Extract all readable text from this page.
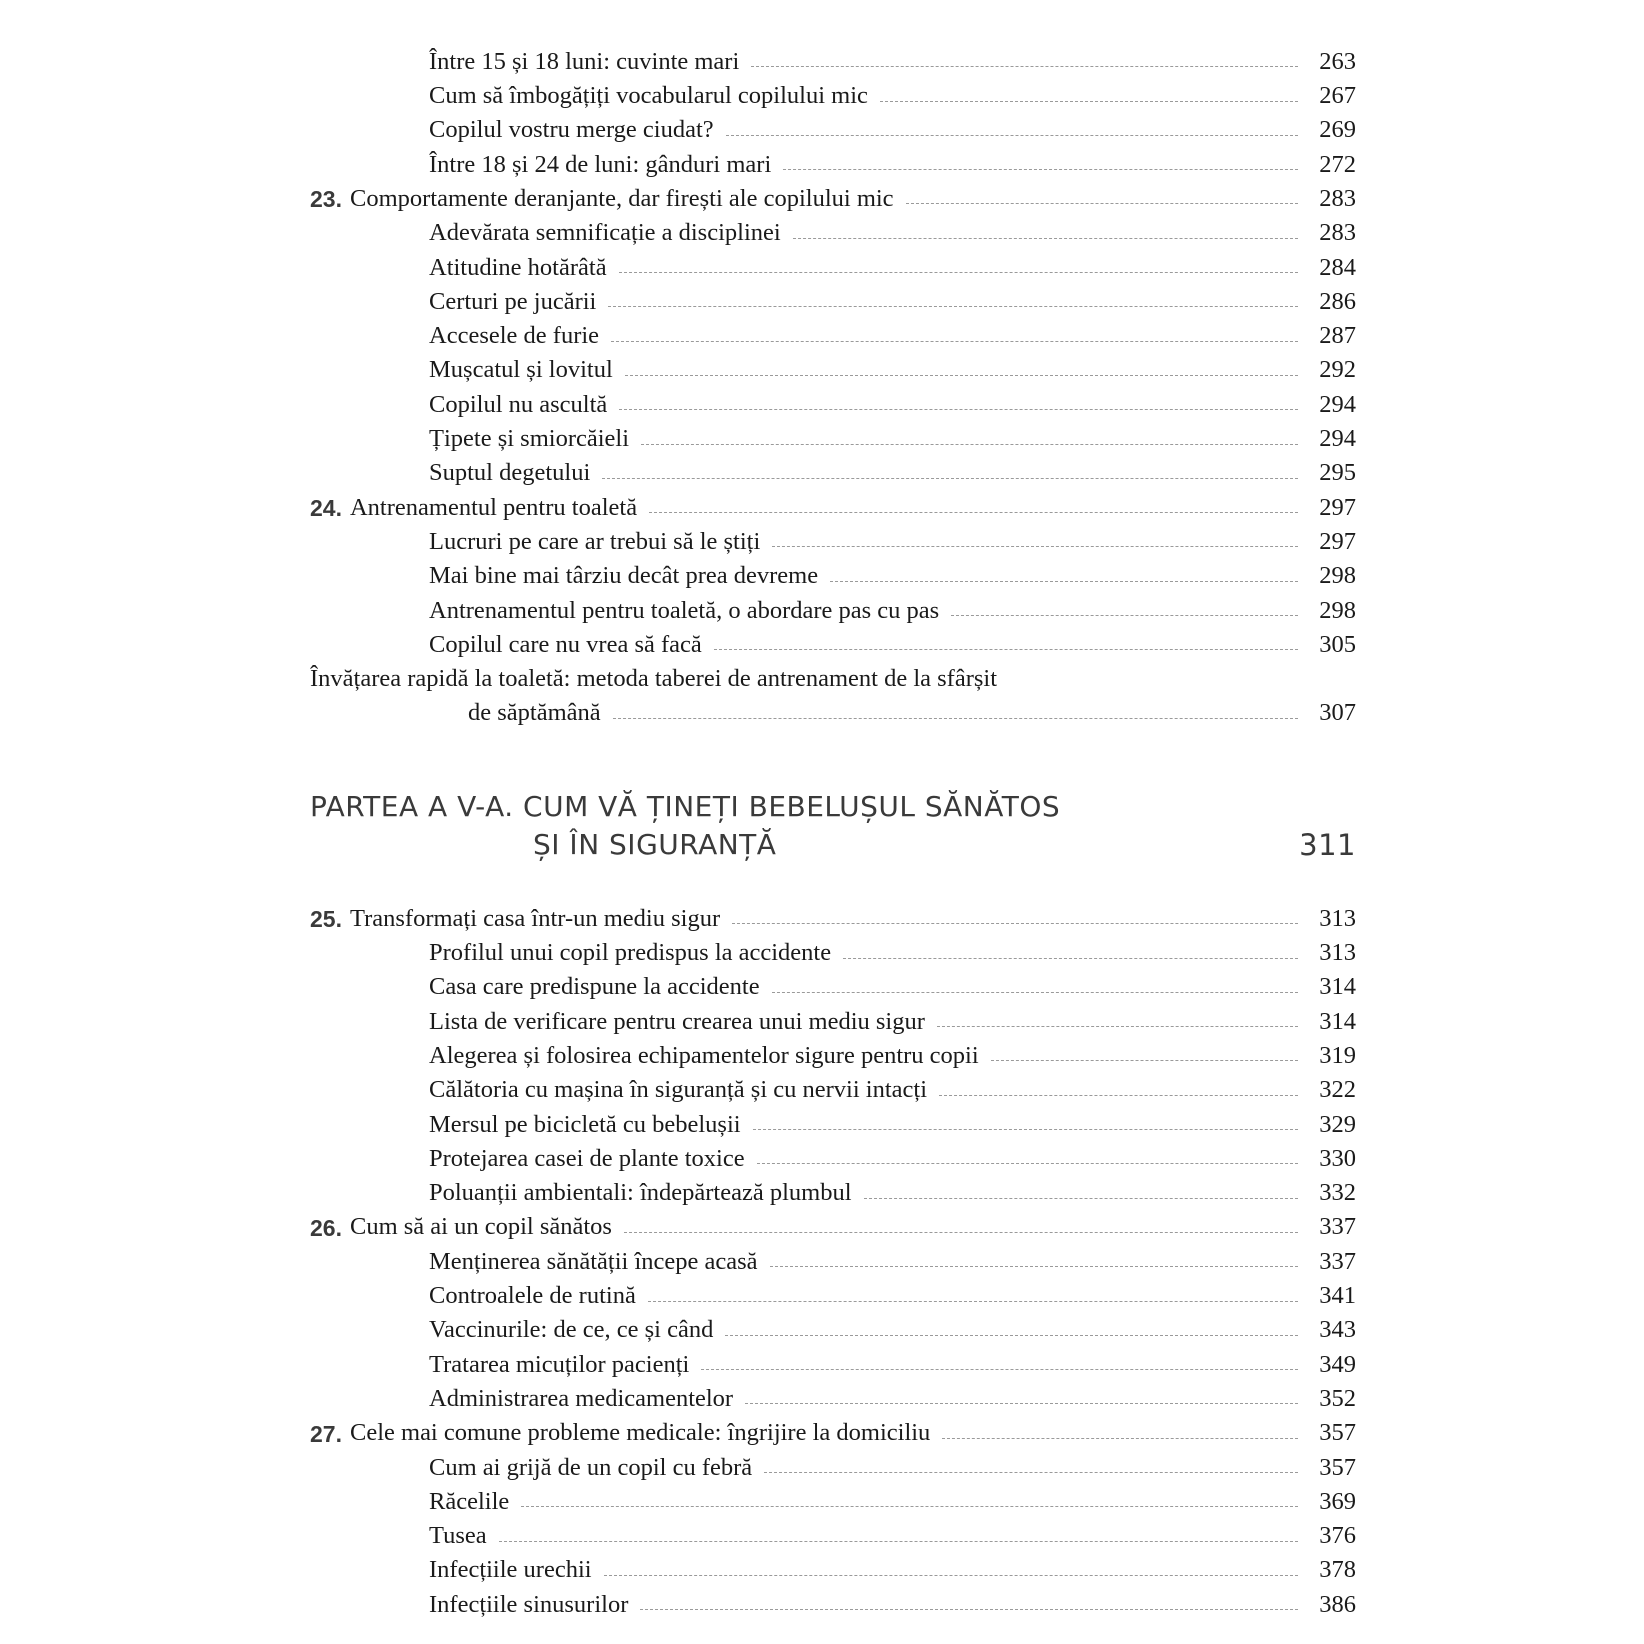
Între 15 și 18 luni: cuvinte mari	263
Cum să îmbogățiți vocabularul copilului mic	267
Copilul vostru merge ciudat?	269
Între 18 și 24 de luni: gânduri mari	272
23. Comportamente deranjante, dar firești ale copilului mic	283
Adevărata semnificație a disciplinei	283
Atitudine hotărâtă	284
Certuri pe jucării	286
Accesele de furie	287
Mușcatul și lovitul	292
Copilul nu ascultă	294
Țipete și smiorcăieli	294
Suptul degetului	295
24. Antrenamentul pentru toaletă	297
Lucruri pe care ar trebui să le știți	297
Mai bine mai târziu decât prea devreme	298
Antrenamentul pentru toaletă, o abordare pas cu pas	298
Copilul care nu vrea să facă	305
Învățarea rapidă la toaletă: metoda taberei de antrenament de la sfârșit
de săptămână	307
PARTEA A V-A. CUM VĂ ȚINEȚI BEBELUȘUL SĂNĂTOS
ȘI ÎN SIGURANȚĂ	311
25. Transformați casa într-un mediu sigur	313
Profilul unui copil predispus la accidente	313
Casa care predispune la accidente	314
Lista de verificare pentru crearea unui mediu sigur	314
Alegerea și folosirea echipamentelor sigure pentru copii	319
Călătoria cu mașina în siguranță și cu nervii intacți	322
Mersul pe bicicletă cu bebelușii	329
Protejarea casei de plante toxice	330
Poluanții ambientali: îndepărtează plumbul	332
26. Cum să ai un copil sănătos	337
Menținerea sănătății începe acasă	337
Controalele de rutină	341
Vaccinurile: de ce, ce și când	343
Tratarea micuților pacienți	349
Administrarea medicamentelor	352
27. Cele mai comune probleme medicale: îngrijire la domiciliu	357
Cum ai grijă de un copil cu febră	357
Răcelile	369
Tusea	376
Infecțiile urechii	378
Infecțiile sinusurilor	386
